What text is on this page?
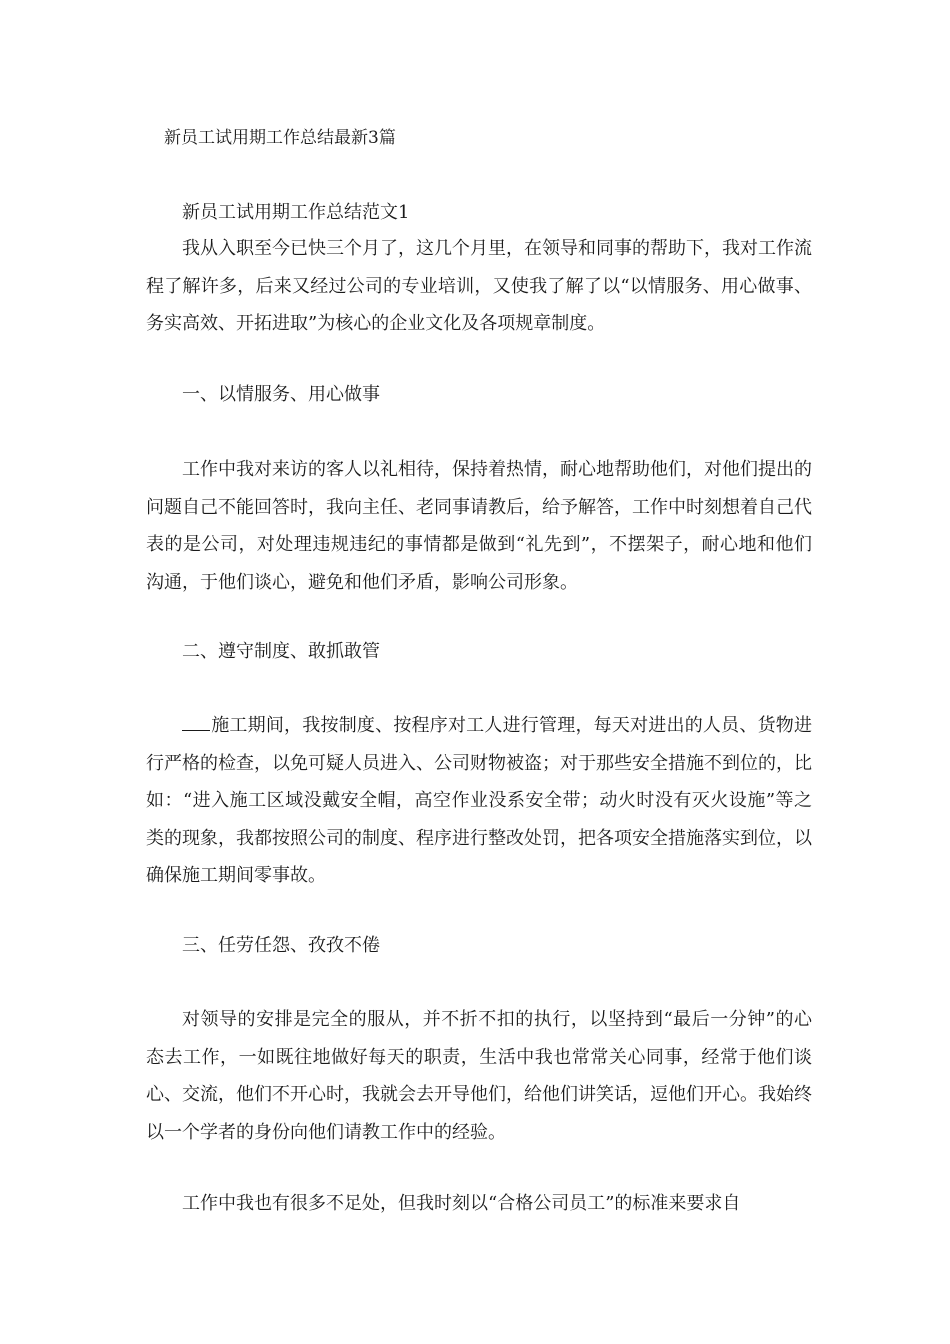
新员工试用期工作总结最新3篇
新员工试用期工作总结范文1

我从入职至今已快三个月了，这几个月里，在领导和同事的帮助下，我对工作流程了解许多，后来又经过公司的专业培训，又使我了解了以“以情服务、用心做事、务实高效、开拓进取”为核心的企业文化及各项规章制度。

一、以情服务、用心做事

工作中我对来访的客人以礼相待，保持着热情，耐心地帮助他们，对他们提出的问题自己不能回答时，我向主任、老同事请教后，给予解答，工作中时刻想着自己代表的是公司，对处理违规违纪的事情都是做到“礼先到”，不摆架子，耐心地和他们沟通，于他们谈心，避免和他们矛盾，影响公司形象。

二、遵守制度、敢抓敢管

施工期间，我按制度、按程序对工人进行管理，每天对进出的人员、货物进行严格的检查，以免可疑人员进入、公司财物被盗；对于那些安全措施不到位的，比如：“进入施工区域没戴安全帽，高空作业没系安全带；动火时没有灭火设施”等之类的现象，我都按照公司的制度、程序进行整改处罚，把各项安全措施落实到位，以确保施工期间零事故。

三、任劳任怨、孜孜不倦

对领导的安排是完全的服从，并不折不扣的执行，以坚持到“最后一分钟”的心态去工作，一如既往地做好每天的职责，生活中我也常常关心同事，经常于他们谈心、交流，他们不开心时，我就会去开导他们，给他们讲笑话，逗他们开心。我始终以一个学者的身份向他们请教工作中的经验。

工作中我也有很多不足处，但我时刻以“合格公司员工”的标准来要求自
